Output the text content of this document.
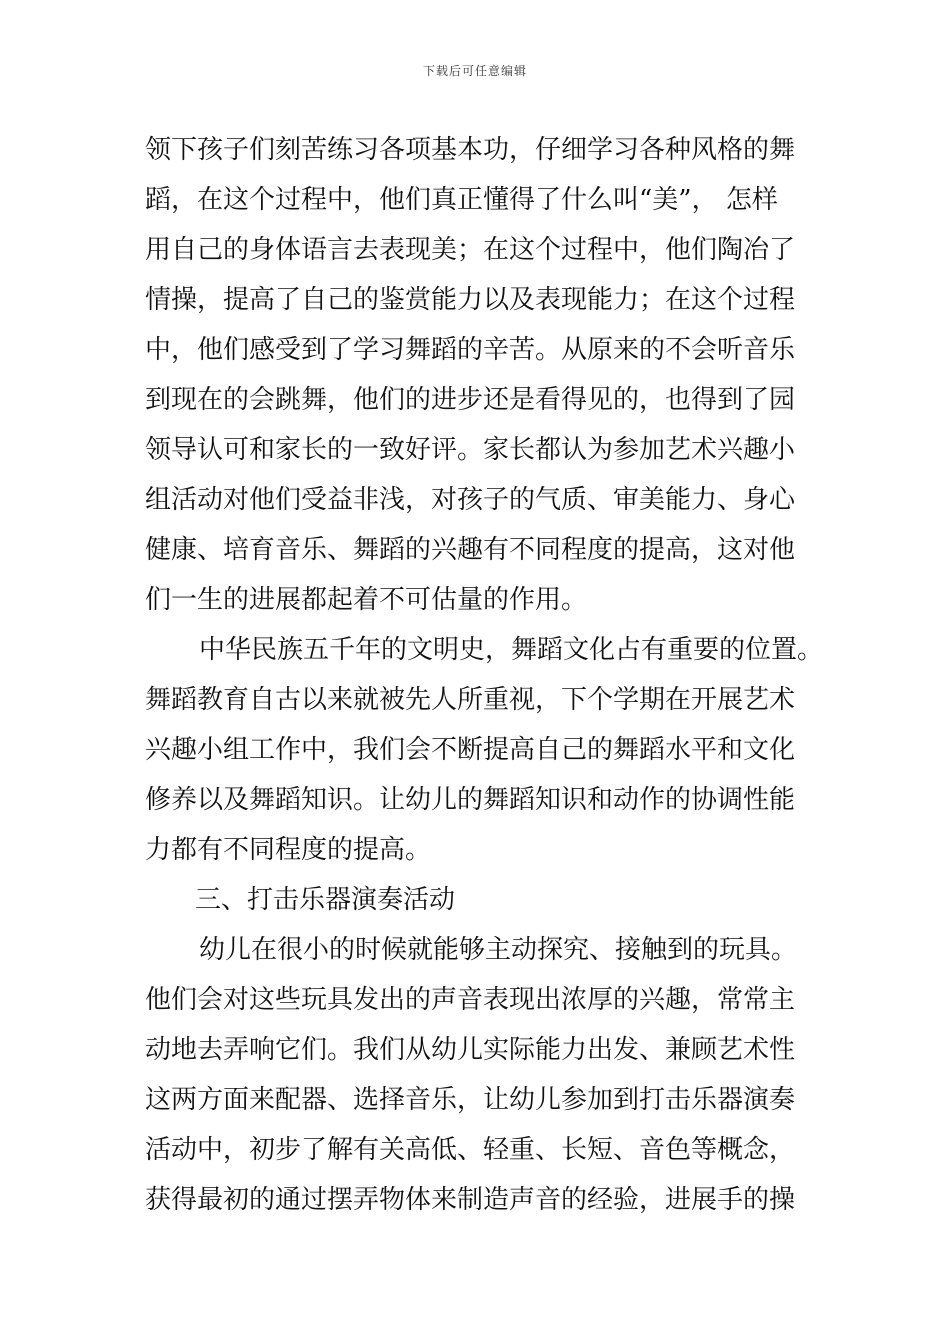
下载后可任意编辑
领下孩子们刻苦练习各项基本功，仔细学习各种风格的舞
蹈，在这个过程中，他们真正懂得了什么叫“美”， 怎样
用自己的身体语言去表现美；在这个过程中，他们陶冶了
情操，提高了自己的鉴赏能力以及表现能力；在这个过程
中，他们感受到了学习舞蹈的辛苦。从原来的不会听音乐
到现在的会跳舞，他们的进步还是看得见的，也得到了园
领导认可和家长的一致好评。家长都认为参加艺术兴趣小
组活动对他们受益非浅，对孩子的气质、审美能力、身心
健康、培育音乐、舞蹈的兴趣有不同程度的提高，这对他
们一生的进展都起着不可估量的作用。
中华民族五千年的文明史，舞蹈文化占有重要的位置。
舞蹈教育自古以来就被先人所重视，下个学期在开展艺术
兴趣小组工作中，我们会不断提高自己的舞蹈水平和文化
修养以及舞蹈知识。让幼儿的舞蹈知识和动作的协调性能
力都有不同程度的提高。
三、打击乐器演奏活动
幼儿在很小的时候就能够主动探究、接触到的玩具。
他们会对这些玩具发出的声音表现出浓厚的兴趣，常常主
动地去弄响它们。我们从幼儿实际能力出发、兼顾艺术性
这两方面来配器、选择音乐，让幼儿参加到打击乐器演奏
活动中，初步了解有关高低、轻重、长短、音色等概念，
获得最初的通过摆弄物体来制造声音的经验，进展手的操
